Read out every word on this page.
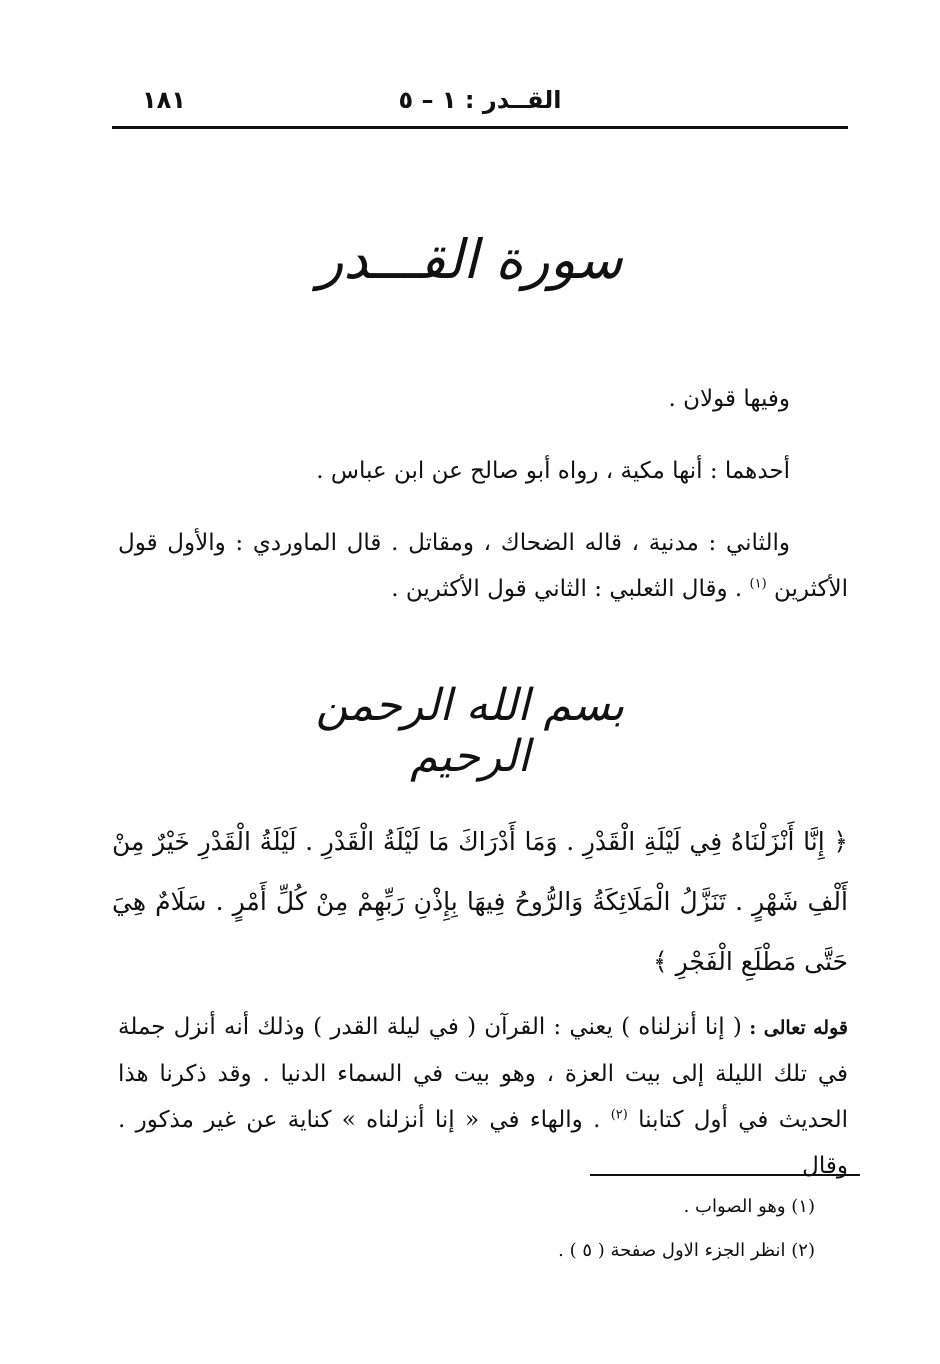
القــدر : ١ – ٥
١٨١
سورة القـــدر
وفيها قولان .
أحدهما : أنها مكية ، رواه أبو صالح عن ابن عباس .
والثاني : مدنية ، قاله الضحاك ، ومقاتل . قال الماوردي : والأول قول الأكثرين $^{(١)}$ . وقال الثعلبي : الثاني قول الأكثرين .
بسم الله الرحمن الرحيم
﴿ إِنَّا أَنْزَلْنَاهُ فِي لَيْلَةِ الْقَدْرِ . وَمَا أَدْرَاكَ مَا لَيْلَةُ الْقَدْرِ . لَيْلَةُ الْقَدْرِ خَيْرٌ مِنْ أَلْفِ شَهْرٍ . تَنَزَّلُ الْمَلَائِكَةُ وَالرُّوحُ فِيهَا بِإِذْنِ رَبِّهِمْ مِنْ كُلِّ أَمْرٍ . سَلَامٌ هِيَ حَتَّى مَطْلَعِ الْفَجْرِ ﴾
قوله تعالى : ( إنا أنزلناه ) يعني : القرآن ( في ليلة القدر ) وذلك أنه أنزل جملة في تلك الليلة إلى بيت العزة ، وهو بيت في السماء الدنيا . وقد ذكرنا هذا الحديث في أول كتابنا $^{(٢)}$ . والهاء في « إنا أنزلناه » كناية عن غير مذكور . وقال
(١) وهو الصواب .
(٢) انظر الجزء الاول صفحة ( ٥ ) .
